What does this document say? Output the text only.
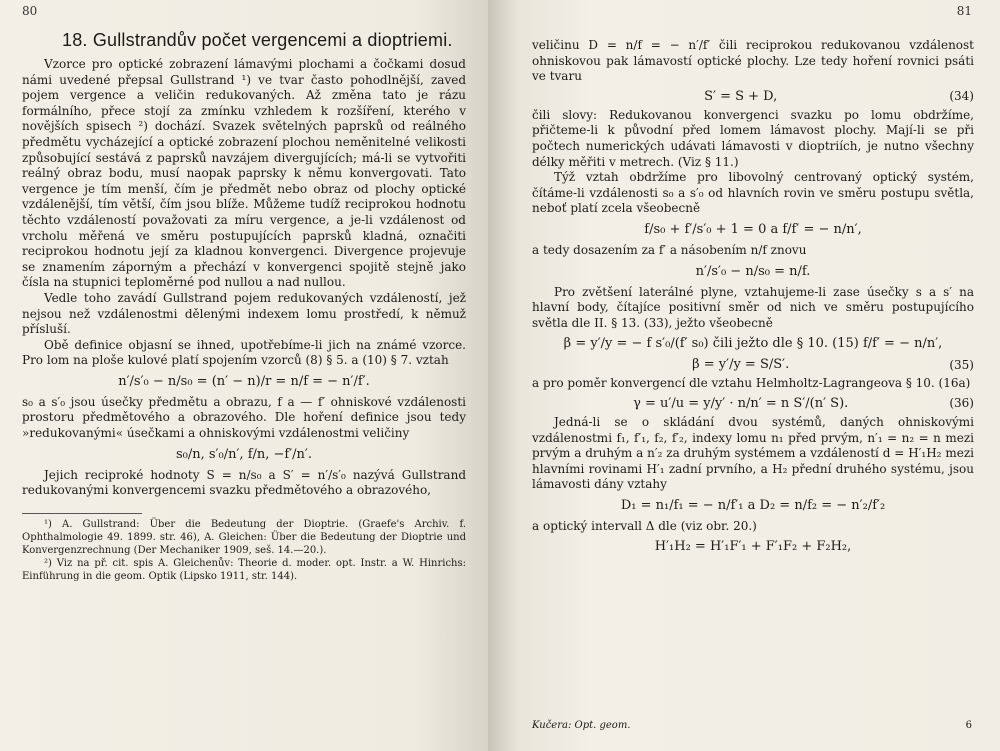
80
18. Gullstrandův počet vergencemi a dioptriemi.

Vzorce pro optické zobrazení lámavými plochami a čočkami dosud námi uvedené přepsal Gullstrand ¹) ve tvar často pohodlnější, zaved pojem vergence a veličin redukovaných. Až změna tato je rázu formálního, přece stojí za zmínku vzhledem k rozšíření, kterého v novějších spisech ²) dochází. Svazek světelných paprsků od reálného předmětu vycházející a optické zobrazení plochou neměnitelné velikosti způsobující sestává z paprsků navzájem divergujících; má-li se vytvořiti reálný obraz bodu, musí naopak paprsky k němu konvergovati. Tato vergence je tím menší, čím je předmět nebo obraz od plochy optické vzdálenější, tím větší, čím jsou blíže. Můžeme tudíž reciprokou hodnotu těchto vzdáleností považovati za míru vergence, a je-li vzdálenost od vrcholu měřená ve směru postupujících paprsků kladná, označiti reciprokou hodnotu její za kladnou konvergenci. Divergence projevuje se znamením záporným a přechází v konvergenci spojitě stejně jako čísla na stupnici teploměrné pod nullou a nad nullou.

Vedle toho zavádí Gullstrand pojem redukovaných vzdáleností, jež nejsou než vzdálenostmi dělenými indexem lomu prostředí, k němuž přísluší.

Obě definice objasní se ihned, upotřebíme-li jich na známé vzorce. Pro lom na ploše kulové platí spojením vzorců (8) § 5. a (10) § 7. vztah

n′/s′₀ − n/s₀ = (n′ − n)/r = n/f = − n′/f′.

s₀ a s′₀ jsou úsečky předmětu a obrazu, f a — f′ ohniskové vzdálenosti prostoru předmětového a obrazového. Dle hoření definice jsou tedy »redukovanými« úsečkami a ohniskovými vzdálenostmi veličiny

s₀/n, s′₀/n′, f/n, −f′/n′.

Jejich reciproké hodnoty S = n/s₀ a S′ = n′/s′₀ nazývá Gullstrand redukovanými konvergencemi svazku předmětového a obrazového,

¹) A. Gullstrand: Über die Bedeutung der Dioptrie. (Graefe's Archiv. f. Ophthalmologie 49. 1899. str. 46), A. Gleichen: Über die Bedeutung der Dioptrie und Konvergenzrechnung (Der Mechaniker 1909, seš. 14.—20.).

²) Viz na př. cit. spis A. Gleichenův: Theorie d. moder. opt. Instr. a W. Hinrichs: Einführung in die geom. Optik (Lipsko 1911, str. 144).

81

veličinu D = n/f = − n′/f′ čili reciprokou redukovanou vzdálenost ohniskovou pak lámavostí optické plochy. Lze tedy hoření rovnici psáti ve tvaru

S′ = S + D,	(34)

čili slovy: Redukovanou konvergenci svazku po lomu obdržíme, přičteme-li k původní před lomem lámavost plochy. Mají-li se při počtech numerických udávati lámavosti v dioptriích, je nutno všechny délky měřiti v metrech. (Viz § 11.)

Týž vztah obdržíme pro libovolný centrovaný optický systém, čítáme-li vzdálenosti s₀ a s′₀ od hlavních rovin ve směru postupu světla, neboť platí zcela všeobecně

f/s₀ + f′/s′₀ + 1 = 0 a f/f′ = − n/n′,

a tedy dosazením za f′ a násobením n/f znovu

n′/s′₀ − n/s₀ = n/f.

Pro zvětšení laterálné plyne, vztahujeme-li zase úsečky s a s′ na hlavní body, čítajíce positivní směr od nich ve směru postupujícího světla dle II. § 13. (33), ježto všeobecně

β = y′/y = − f s′₀/(f′ s₀) čili ježto dle § 10. (15) f/f′ = − n/n′,
β = y′/y = S/S′.	(35)

a pro poměr konvergencí dle vztahu Helmholtz-Lagrangeova § 10. (16a)

γ = u′/u = y/y′ · n/n′ = n S′/(n′ S).	(36)

Jedná-li se o skládání dvou systémů, daných ohniskovými vzdálenostmi f₁, f′₁, f₂, f′₂, indexy lomu n₁ před prvým, n′₁ = n₂ = n mezi prvým a druhým a n′₂ za druhým systémem a vzdáleností d = H′₁H₂ mezi hlavními rovinami H′₁ zadní prvního, a H₂ přední druhého systému, jsou lámavosti dány vztahy

D₁ = n₁/f₁ = − n/f′₁ a D₂ = n/f₂ = − n′₂/f′₂

a optický intervall Δ dle (viz obr. 20.)

H′₁H₂ = H′₁F′₁ + F′₁F₂ + F₂H₂,
Kučera: Opt. geom.	6
